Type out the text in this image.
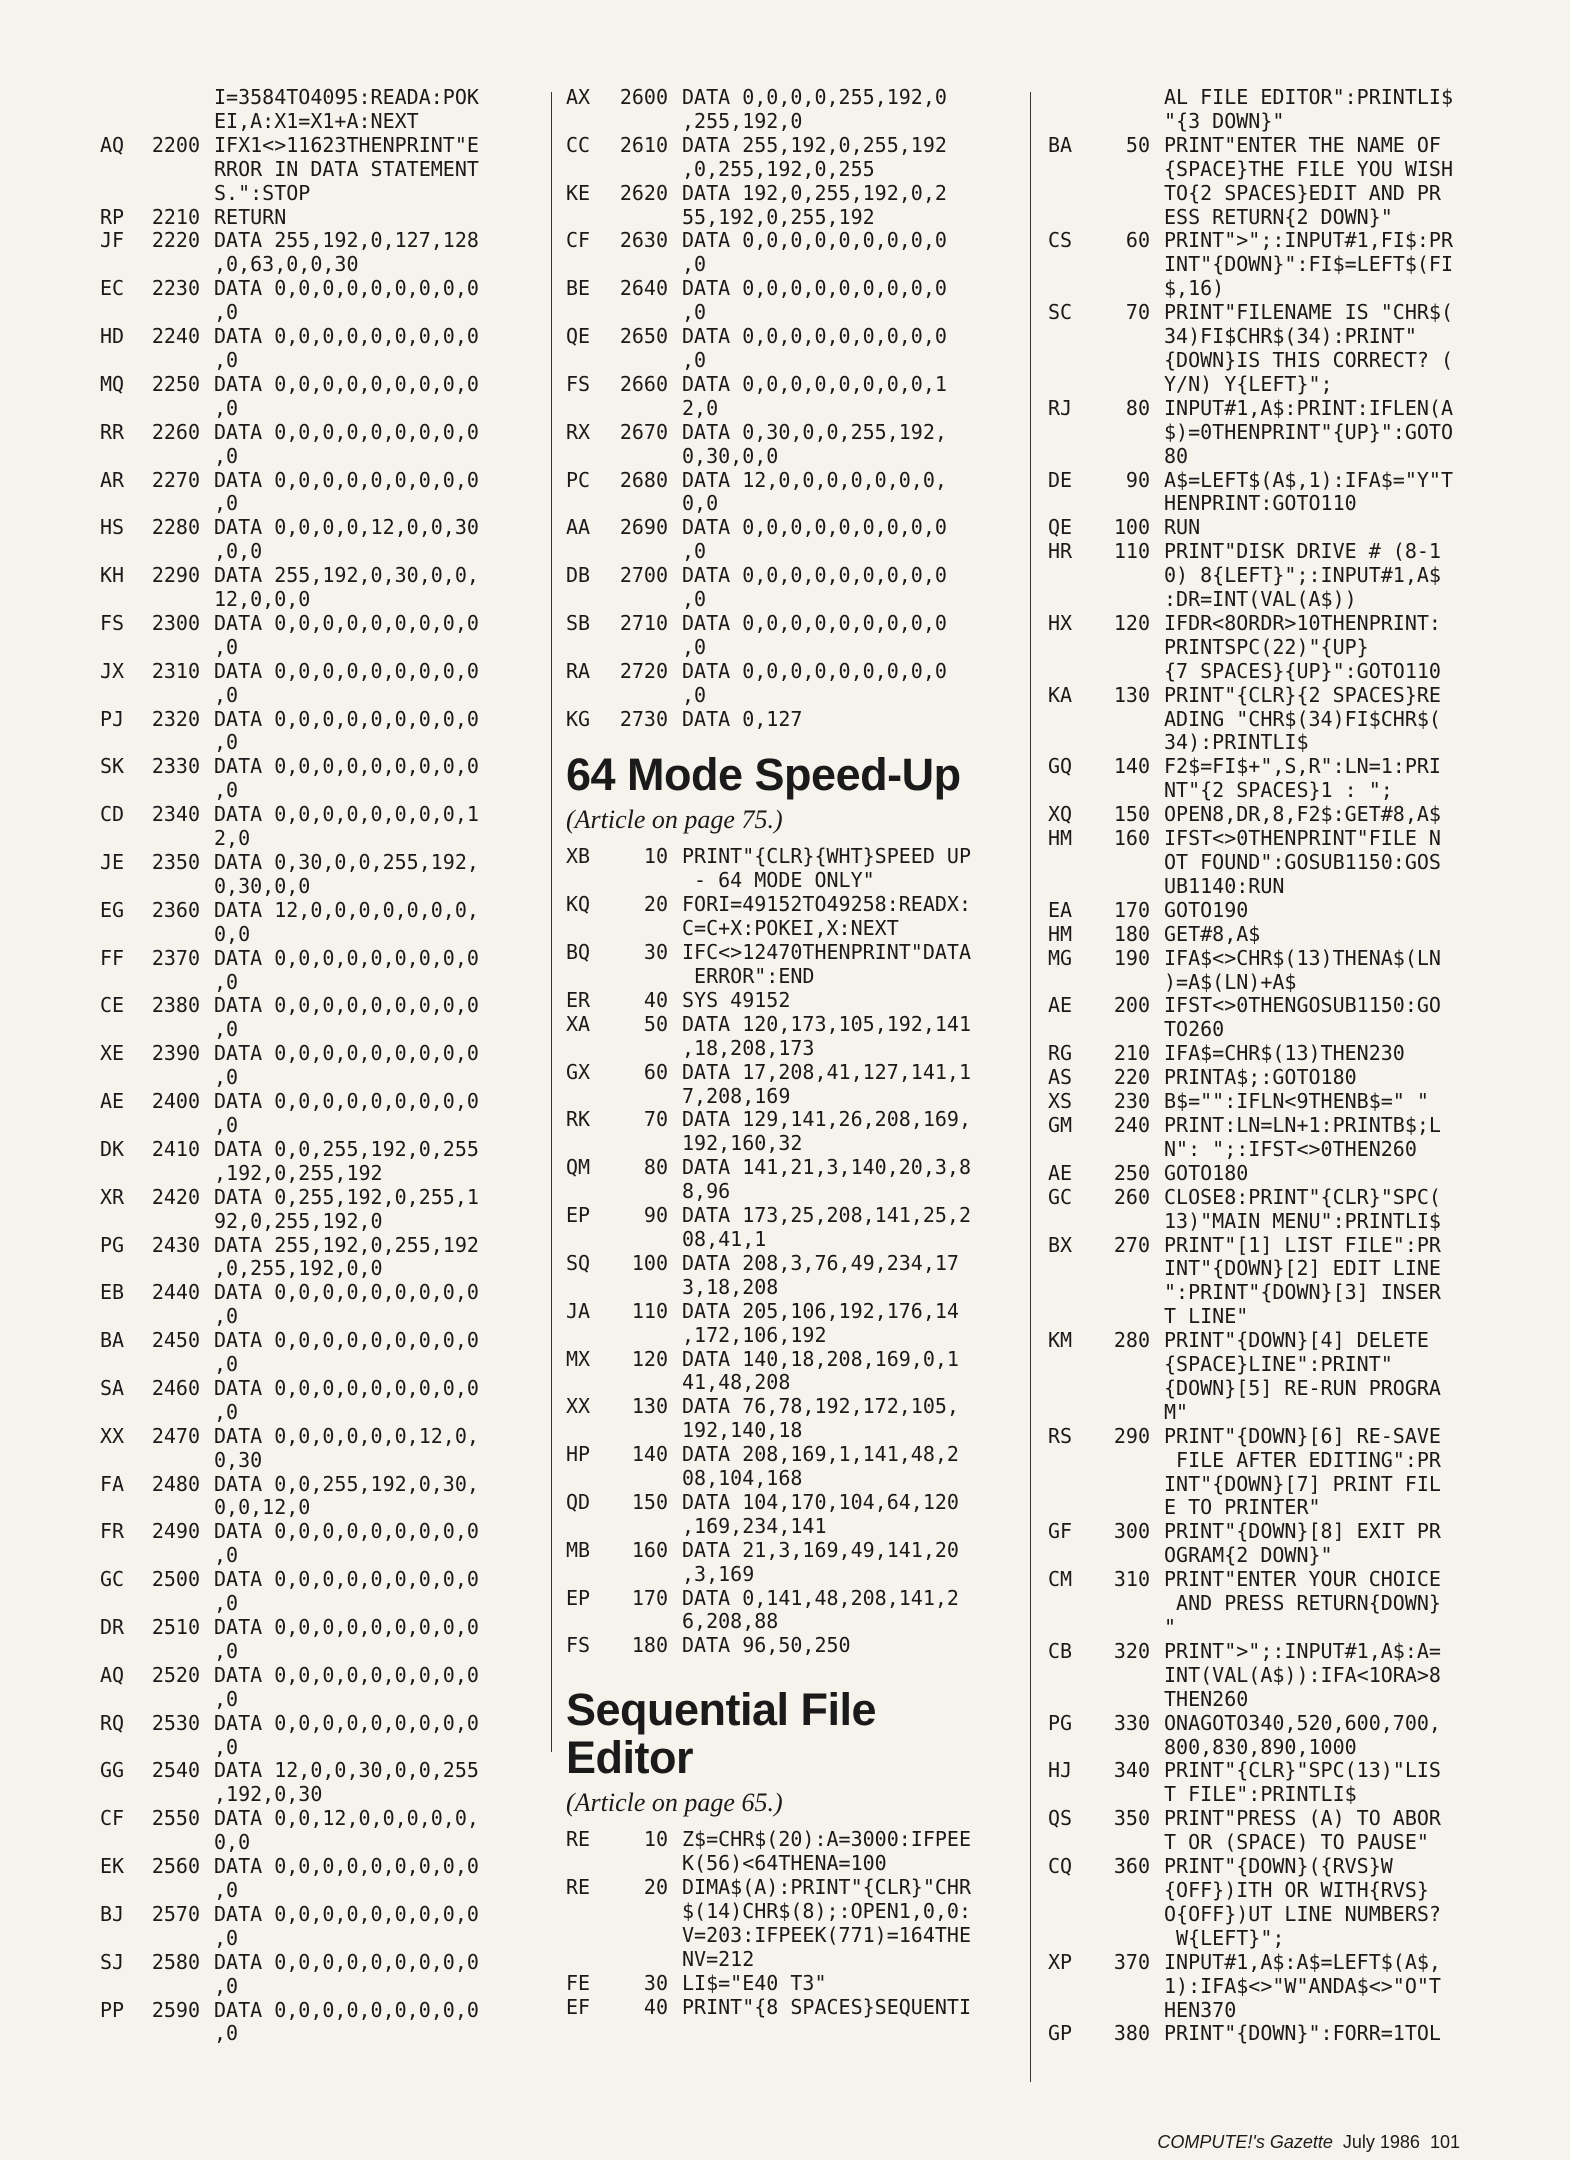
I=3584TO4095:READA:POK
EI,A:X1=X1+A:NEXT
AQ	2200 IFX1<>11623THENPRINT"E
RROR IN DATA STATEMENT
S.":STOP
RP	2210 RETURN
JF	2220 DATA 255,192,0,127,128
,0,63,0,0,30
EC	2230 DATA 0,0,0,0,0,0,0,0,0
,0
HD	2240 DATA 0,0,0,0,0,0,0,0,0
,0
MQ	2250 DATA 0,0,0,0,0,0,0,0,0
,0
RR	2260 DATA 0,0,0,0,0,0,0,0,0
,0
AR	2270 DATA 0,0,0,0,0,0,0,0,0
,0
HS	2280 DATA 0,0,0,0,12,0,0,30
,0,0
KH	2290 DATA 255,192,0,30,0,0,
12,0,0,0
FS	2300 DATA 0,0,0,0,0,0,0,0,0
,0
JX	2310 DATA 0,0,0,0,0,0,0,0,0
,0
PJ	2320 DATA 0,0,0,0,0,0,0,0,0
,0
SK	2330 DATA 0,0,0,0,0,0,0,0,0
,0
CD	2340 DATA 0,0,0,0,0,0,0,0,1
2,0
JE	2350 DATA 0,30,0,0,255,192,
0,30,0,0
EG	2360 DATA 12,0,0,0,0,0,0,0,
0,0
FF	2370 DATA 0,0,0,0,0,0,0,0,0
,0
CE	2380 DATA 0,0,0,0,0,0,0,0,0
,0
XE	2390 DATA 0,0,0,0,0,0,0,0,0
,0
AE	2400 DATA 0,0,0,0,0,0,0,0,0
,0
DK	2410 DATA 0,0,255,192,0,255
,192,0,255,192
XR	2420 DATA 0,255,192,0,255,1
92,0,255,192,0
PG	2430 DATA 255,192,0,255,192
,0,255,192,0,0
EB	2440 DATA 0,0,0,0,0,0,0,0,0
,0
BA	2450 DATA 0,0,0,0,0,0,0,0,0
,0
SA	2460 DATA 0,0,0,0,0,0,0,0,0
,0
XX	2470 DATA 0,0,0,0,0,0,12,0,
0,30
FA	2480 DATA 0,0,255,192,0,30,
0,0,12,0
FR	2490 DATA 0,0,0,0,0,0,0,0,0
,0
GC	2500 DATA 0,0,0,0,0,0,0,0,0
,0
DR	2510 DATA 0,0,0,0,0,0,0,0,0
,0
AQ	2520 DATA 0,0,0,0,0,0,0,0,0
,0
RQ	2530 DATA 0,0,0,0,0,0,0,0,0
,0
GG	2540 DATA 12,0,0,30,0,0,255
,192,0,30
CF	2550 DATA 0,0,12,0,0,0,0,0,
0,0
EK	2560 DATA 0,0,0,0,0,0,0,0,0
,0
BJ	2570 DATA 0,0,0,0,0,0,0,0,0
,0
SJ	2580 DATA 0,0,0,0,0,0,0,0,0
,0
PP	2590 DATA 0,0,0,0,0,0,0,0,0
,0
AX	2600 DATA 0,0,0,0,255,192,0
,255,192,0
CC	2610 DATA 255,192,0,255,192
,0,255,192,0,255
KE	2620 DATA 192,0,255,192,0,2
55,192,0,255,192
CF	2630 DATA 0,0,0,0,0,0,0,0,0
,0
BE	2640 DATA 0,0,0,0,0,0,0,0,0
,0
QE	2650 DATA 0,0,0,0,0,0,0,0,0
,0
FS	2660 DATA 0,0,0,0,0,0,0,0,1
2,0
RX	2670 DATA 0,30,0,0,255,192,
0,30,0,0
PC	2680 DATA 12,0,0,0,0,0,0,0,
0,0
AA	2690 DATA 0,0,0,0,0,0,0,0,0
,0
DB	2700 DATA 0,0,0,0,0,0,0,0,0
,0
SB	2710 DATA 0,0,0,0,0,0,0,0,0
,0
RA	2720 DATA 0,0,0,0,0,0,0,0,0
,0
KG	2730 DATA 0,127
64 Mode Speed-Up
(Article on page 75.)
XB	10 PRINT"{CLR}{WHT}SPEED UP
- 64 MODE ONLY"
KQ	20 FORI=49152TO49258:READX:
C=C+X:POKEI,X:NEXT
BQ	30 IFC<>12470THENPRINT"DATA
ERROR":END
ER	40 SYS 49152
XA	50 DATA 120,173,105,192,141
,18,208,173
GX	60 DATA 17,208,41,127,141,1
7,208,169
RK	70 DATA 129,141,26,208,169,
192,160,32
QM	80 DATA 141,21,3,140,20,3,8
8,96
EP	90 DATA 173,25,208,141,25,2
08,41,1
SQ	100 DATA 208,3,76,49,234,17
3,18,208
JA	110 DATA 205,106,192,176,14
,172,106,192
MX	120 DATA 140,18,208,169,0,1
41,48,208
XX	130 DATA 76,78,192,172,105,
192,140,18
HP	140 DATA 208,169,1,141,48,2
08,104,168
QD	150 DATA 104,170,104,64,120
,169,234,141
MB	160 DATA 21,3,169,49,141,20
,3,169
EP	170 DATA 0,141,48,208,141,2
6,208,88
FS	180 DATA 96,50,250
Sequential File
Editor
(Article on page 65.)
RE	10 Z$=CHR$(20):A=3000:IFPEE
K(56)<64THENA=100
RE	20 DIMA$(A):PRINT"{CLR}"CHR
$(14)CHR$(8);:OPEN1,0,0:
V=203:IFPEEK(771)=164THE
NV=212
FE	30 LI$="E40 T3"
EF	40 PRINT"{8 SPACES}SEQUENTI
AL FILE EDITOR":PRINTLI$
"{3 DOWN}"
BA	50 PRINT"ENTER THE NAME OF
{SPACE}THE FILE YOU WISH
TO{2 SPACES}EDIT AND PR
ESS RETURN{2 DOWN}"
CS	60 PRINT">";:INPUT#1,FI$:PR
INT"{DOWN}":FI$=LEFT$(FI
$,16)
SC	70 PRINT"FILENAME IS "CHR$(
34)FI$CHR$(34):PRINT"
{DOWN}IS THIS CORRECT? (
Y/N) Y{LEFT}";
RJ	80 INPUT#1,A$:PRINT:IFLEN(A
$)=0THENPRINT"{UP}":GOTO
80
DE	90 A$=LEFT$(A$,1):IFA$="Y"T
HENPRINT:GOTO110
QE	100 RUN
HR	110 PRINT"DISK DRIVE # (8-1
0) 8{LEFT}";:INPUT#1,A$
:DR=INT(VAL(A$))
HX	120 IFDR<8ORDR>10THENPRINT:
PRINTSPC(22)"{UP}
{7 SPACES}{UP}":GOTO110
KA	130 PRINT"{CLR}{2 SPACES}RE
ADING "CHR$(34)FI$CHR$(
34):PRINTLI$
GQ	140 F2$=FI$+",S,R":LN=1:PRI
NT"{2 SPACES}1 : ";
XQ	150 OPEN8,DR,8,F2$:GET#8,A$
HM	160 IFST<>0THENPRINT"FILE N
OT FOUND":GOSUB1150:GOS
UB1140:RUN
EA	170 GOTO190
HM	180 GET#8,A$
MG	190 IFA$<>CHR$(13)THENA$(LN
)=A$(LN)+A$
AE	200 IFST<>0THENGOSUB1150:GO
TO260
RG	210 IFA$=CHR$(13)THEN230
AS	220 PRINTA$;:GOTO180
XS	230 B$="":IFLN<9THENB$=" "
GM	240 PRINT:LN=LN+1:PRINTB$;L
N": ";:IFST<>0THEN260
AE	250 GOTO180
GC	260 CLOSE8:PRINT"{CLR}"SPC(
13)"MAIN MENU":PRINTLI$
BX	270 PRINT"[1] LIST FILE":PR
INT"{DOWN}[2] EDIT LINE
":PRINT"{DOWN}[3] INSER
T LINE"
KM	280 PRINT"{DOWN}[4] DELETE
{SPACE}LINE":PRINT"
{DOWN}[5] RE-RUN PROGRA
M"
RS	290 PRINT"{DOWN}[6] RE-SAVE
FILE AFTER EDITING":PR
INT"{DOWN}[7] PRINT FIL
E TO PRINTER"
GF	300 PRINT"{DOWN}[8] EXIT PR
OGRAM{2 DOWN}"
CM	310 PRINT"ENTER YOUR CHOICE
AND PRESS RETURN{DOWN}
"
CB	320 PRINT">";:INPUT#1,A$:A=
INT(VAL(A$)):IFA<1ORA>8
THEN260
PG	330 ONAGOTO340,520,600,700,
800,830,890,1000
HJ	340 PRINT"{CLR}"SPC(13)"LIS
T FILE":PRINTLI$
QS	350 PRINT"PRESS (A) TO ABOR
T OR (SPACE) TO PAUSE"
CQ	360 PRINT"{DOWN}({RVS}W
{OFF})ITH OR WITH{RVS}
O{OFF})UT LINE NUMBERS?
W{LEFT}";
XP	370 INPUT#1,A$:A$=LEFT$(A$,
1):IFA$<>"W"ANDA$<>"O"T
HEN370
GP	380 PRINT"{DOWN}":FORR=1TOL
COMPUTE!'s Gazette July 1986 101
